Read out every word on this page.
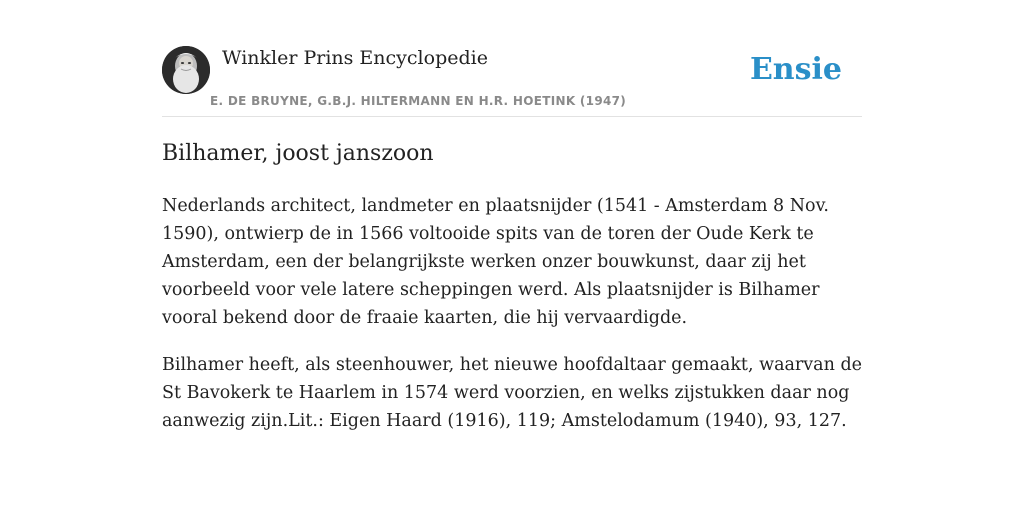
Winkler Prins Encyclopedie
E. DE BRUYNE, G.B.J. HILTERMANN EN H.R. HOETINK (1947)
Ensie
Bilhamer, joost janszoon

Nederlands architect, landmeter en plaatsnijder (1541 - Amsterdam 8 Nov. 1590), ontwierp de in 1566 voltooide spits van de toren der Oude Kerk te Amsterdam, een der belangrijkste werken onzer bouwkunst, daar zij het voorbeeld voor vele latere scheppingen werd. Als plaatsnijder is Bilhamer vooral bekend door de fraaie kaarten, die hij vervaardigde.

Bilhamer heeft, als steenhouwer, het nieuwe hoofdaltaar gemaakt, waarvan de St Bavokerk te Haarlem in 1574 werd voorzien, en welks zijstukken daar nog aanwezig zijn.Lit.: Eigen Haard (1916), 119; Amstelodamum (1940), 93, 127.
